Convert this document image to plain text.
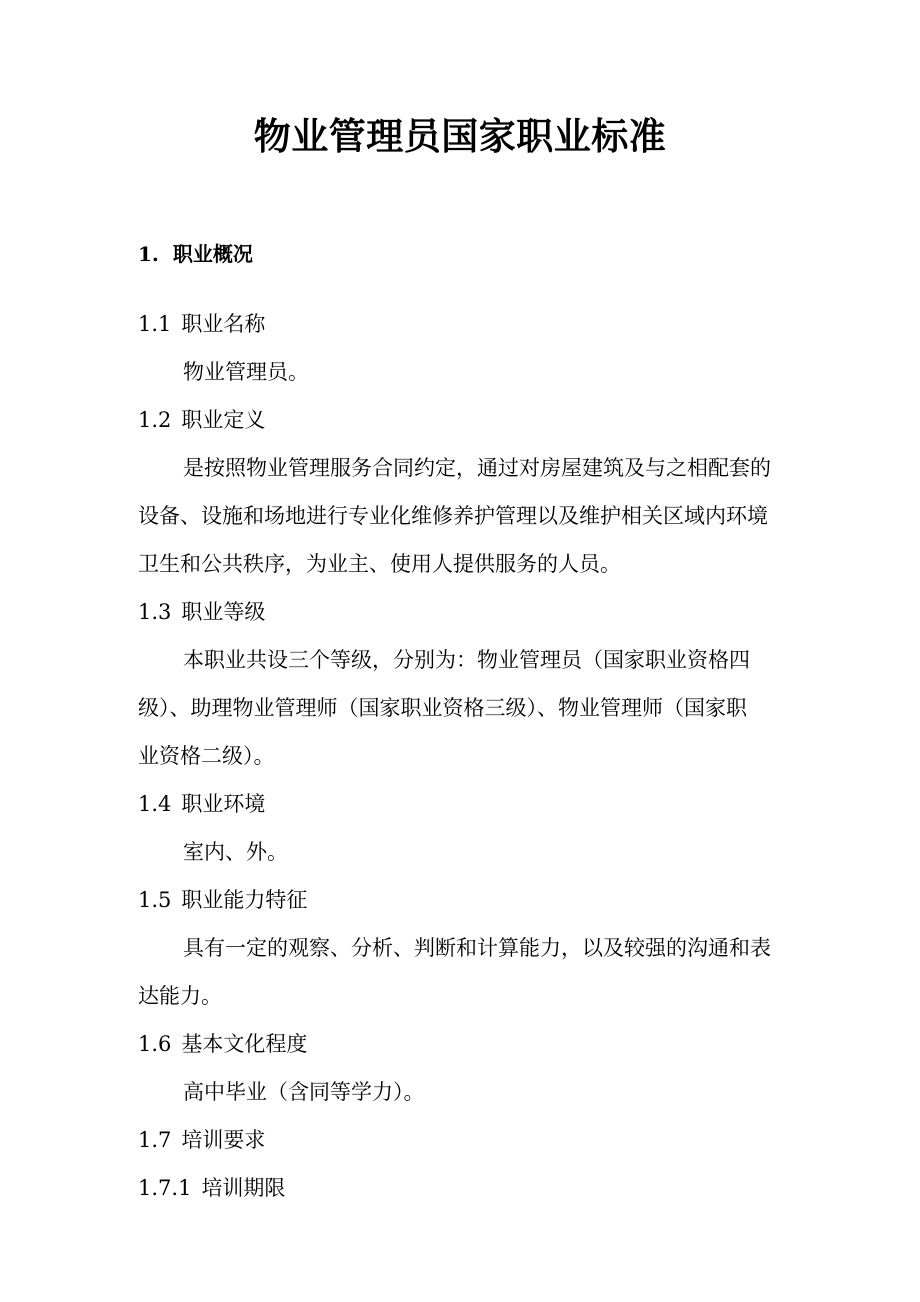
物业管理员国家职业标准
1. 职业概况
1.1 职业名称

物业管理员。

1.2 职业定义

是按照物业管理服务合同约定，通过对房屋建筑及与之相配套的

设备、设施和场地进行专业化维修养护管理以及维护相关区域内环境

卫生和公共秩序，为业主、使用人提供服务的人员。

1.3 职业等级

本职业共设三个等级，分别为：物业管理员（国家职业资格四

级）、助理物业管理师（国家职业资格三级）、物业管理师（国家职

业资格二级）。

1.4 职业环境

室内、外。

1.5 职业能力特征

具有一定的观察、分析、判断和计算能力，以及较强的沟通和表

达能力。

1.6 基本文化程度

高中毕业（含同等学力）。

1.7 培训要求
1.7.1 培训期限
